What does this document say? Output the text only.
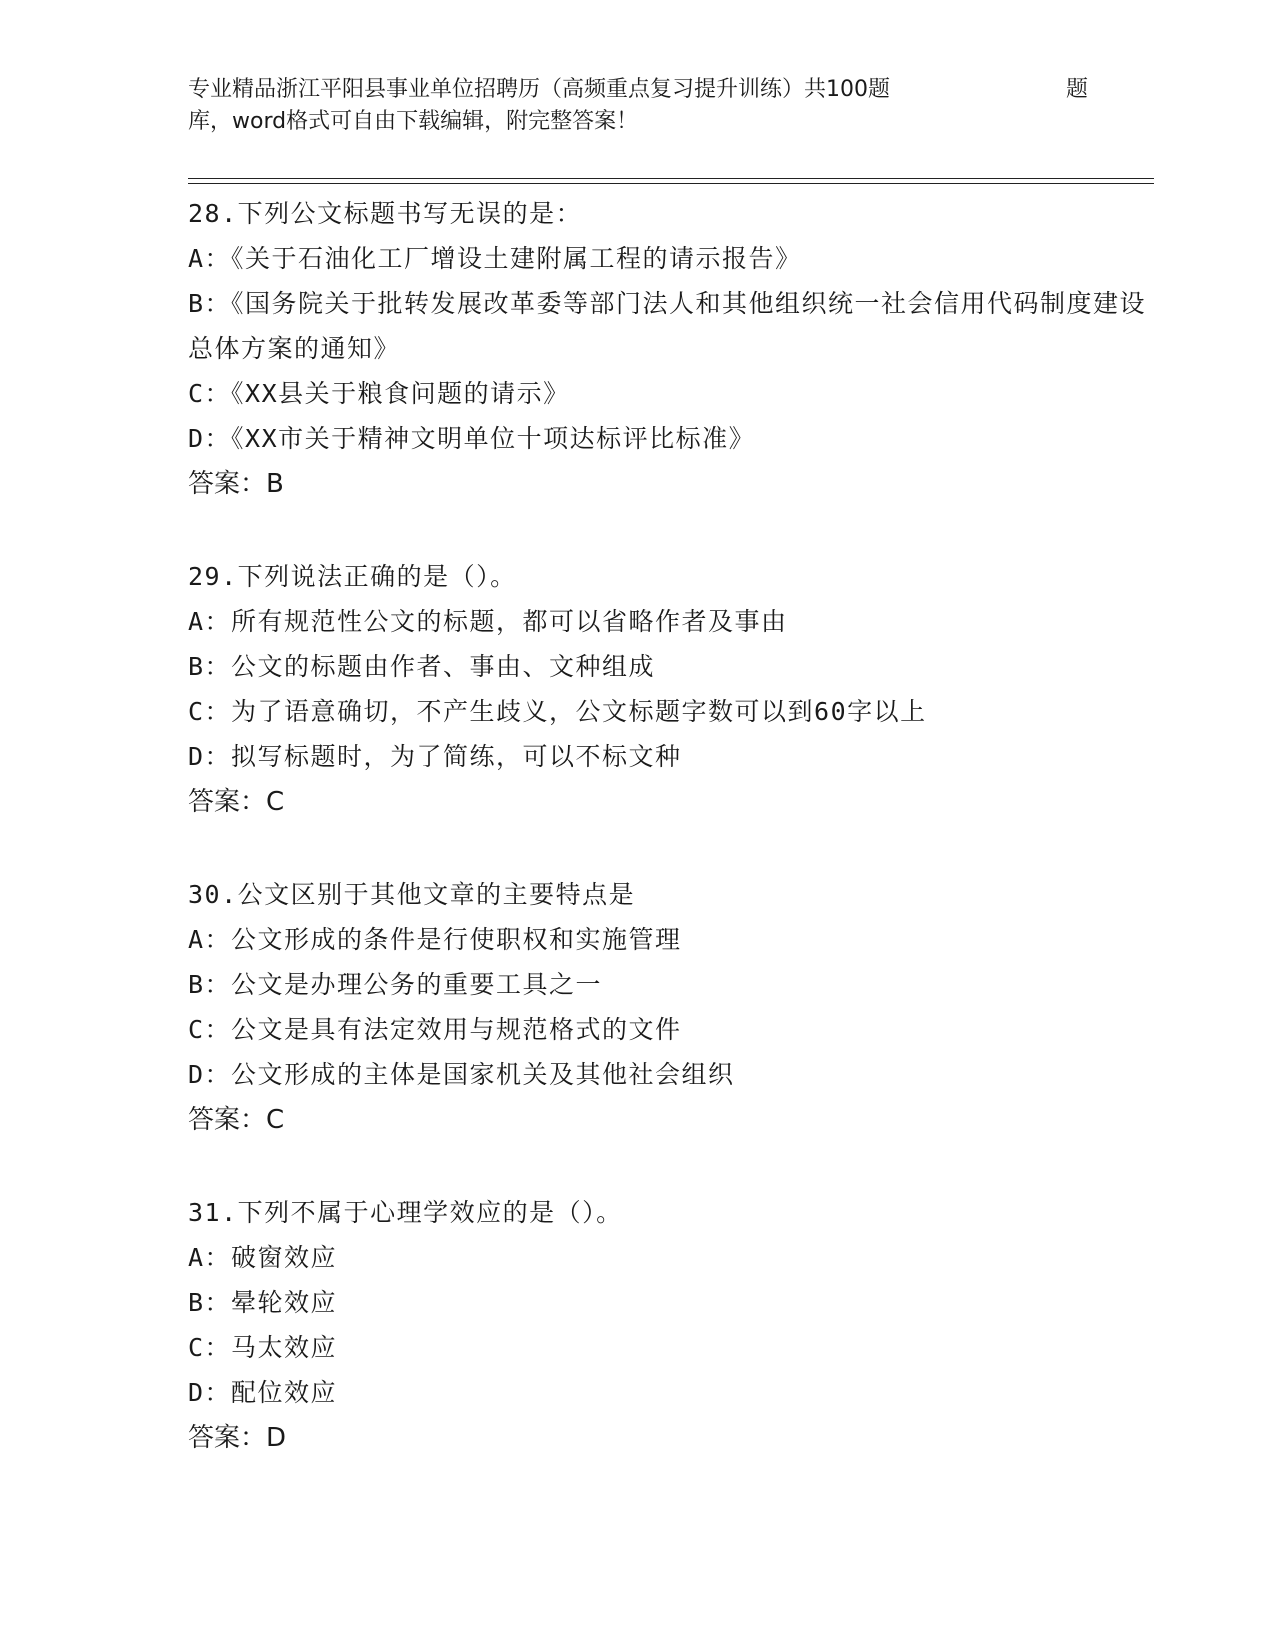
专业精品浙江平阳县事业单位招聘历（高频重点复习提升训练）共100题	题
库，word格式可自由下载编辑，附完整答案！
28.下列公文标题书写无误的是：
A：《关于石油化工厂增设土建附属工程的请示报告》
B：《国务院关于批转发展改革委等部门法人和其他组织统一社会信用代码制度建设总体方案的通知》
C：《XX县关于粮食问题的请示》
D：《XX市关于精神文明单位十项达标评比标准》
答案：B
29.下列说法正确的是（）。
A：所有规范性公文的标题，都可以省略作者及事由
B：公文的标题由作者、事由、文种组成
C：为了语意确切，不产生歧义，公文标题字数可以到60字以上
D：拟写标题时，为了简练，可以不标文种
答案：C
30.公文区别于其他文章的主要特点是
A：公文形成的条件是行使职权和实施管理
B：公文是办理公务的重要工具之一
C：公文是具有法定效用与规范格式的文件
D：公文形成的主体是国家机关及其他社会组织
答案：C
31.下列不属于心理学效应的是（）。
A：破窗效应
B：晕轮效应
C：马太效应
D：配位效应
答案：D
